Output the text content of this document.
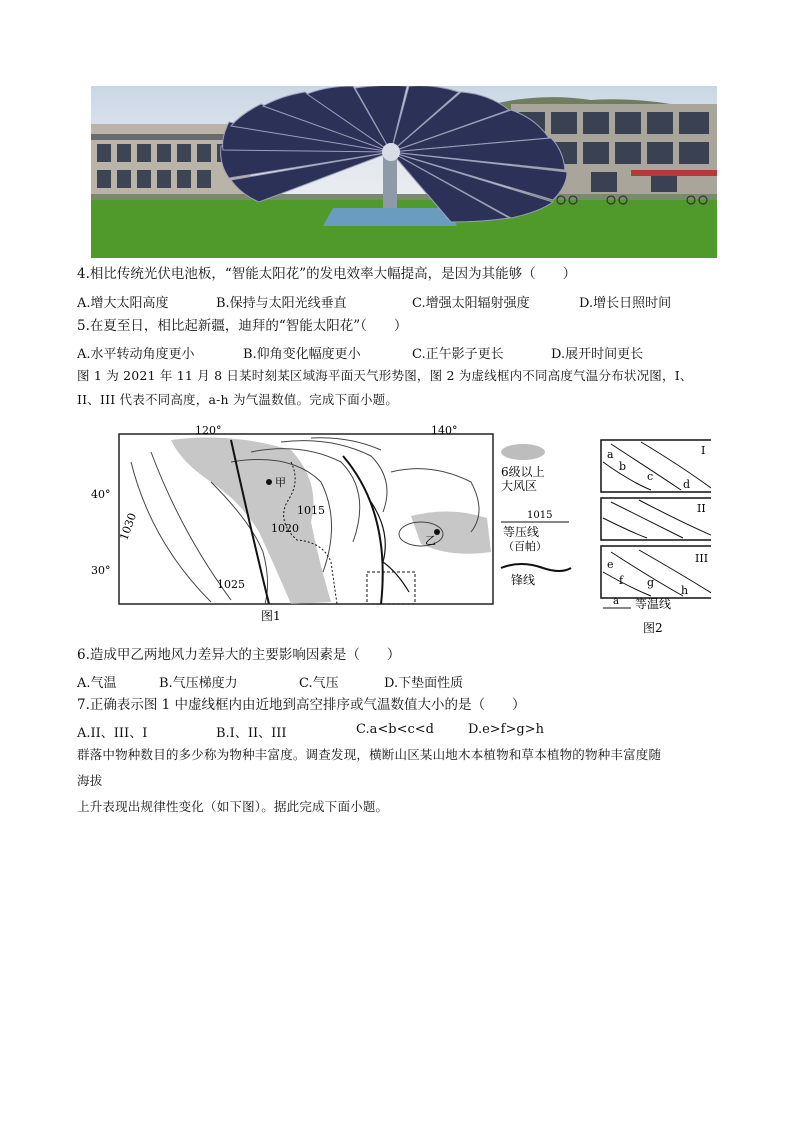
4.相比传统光伏电池板，“智能太阳花”的发电效率大幅提高，是因为其能够（　　）
A.增大太阳高度	B.保持与太阳光线垂直	C.增强太阳辐射强度	D.增长日照时间
5.在夏至日，相比起新疆，迪拜的“智能太阳花”（　　）
A.水平转动角度更小	B.仰角变化幅度更小	C.正午影子更长	D.展开时间更长
图 1 为 2021 年 11 月 8 日某时刻某区域海平面天气形势图，图 2 为虚线框内不同高度气温分布状况图，I、
II、III 代表不同高度，a-h 为气温数值。完成下面小题。
120°	140°
40°
30°
1015
1020
1025
1030
甲
乙
图1
6级以上
大风区
1015
等压线
（百帕）
锋线
I
a
b
c
d
II
III
e
f g
h
a 等温线
图2
6.造成甲乙两地风力差异大的主要影响因素是（　　）
A.气温	B.气压梯度力	C.气压	D.下垫面性质
7.正确表示图 1 中虚线框内由近地到高空排序或气温数值大小的是（　　）
A.II、III、I	B.I、II、III	C.a<b<c<d	D.e>f>g>h
群落中物种数目的多少称为物种丰富度。调查发现，横断山区某山地木本植物和草本植物的物种丰富度随
海拔
上升表现出规律性变化（如下图）。据此完成下面小题。
